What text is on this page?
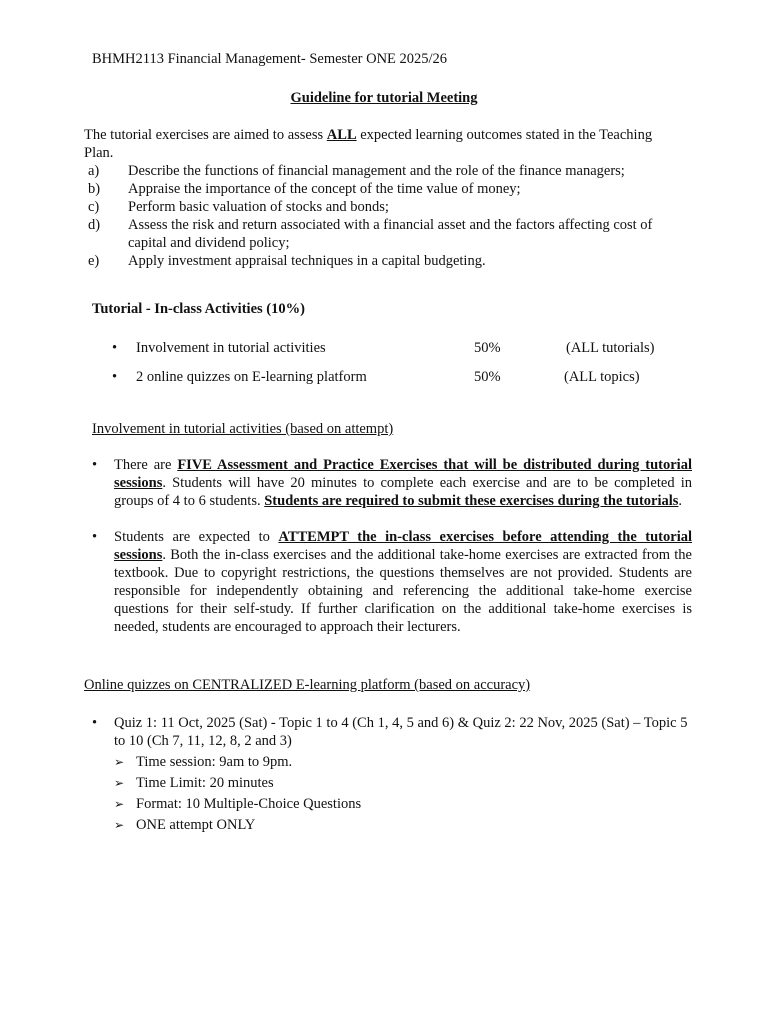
BHMH2113 Financial Management- Semester ONE 2025/26
Guideline for tutorial Meeting
The tutorial exercises are aimed to assess ALL expected learning outcomes stated in the Teaching Plan.
a) Describe the functions of financial management and the role of the finance managers;
b) Appraise the importance of the concept of the time value of money;
c) Perform basic valuation of stocks and bonds;
d) Assess the risk and return associated with a financial asset and the factors affecting cost of capital and dividend policy;
e) Apply investment appraisal techniques in a capital budgeting.
Tutorial - In-class Activities (10%)
• Involvement in tutorial activities	50%	(ALL tutorials)
• 2 online quizzes on E-learning platform	50%	(ALL topics)
Involvement in tutorial activities (based on attempt)
• There are FIVE Assessment and Practice Exercises that will be distributed during tutorial sessions. Students will have 20 minutes to complete each exercise and are to be completed in groups of 4 to 6 students. Students are required to submit these exercises during the tutorials.
• Students are expected to ATTEMPT the in-class exercises before attending the tutorial sessions. Both the in-class exercises and the additional take-home exercises are extracted from the textbook. Due to copyright restrictions, the questions themselves are not provided. Students are responsible for independently obtaining and referencing the additional take-home exercise questions for their self-study. If further clarification on the additional take-home exercises is needed, students are encouraged to approach their lecturers.
Online quizzes on CENTRALIZED E-learning platform (based on accuracy)
• Quiz 1: 11 Oct, 2025 (Sat) - Topic 1 to 4 (Ch 1, 4, 5 and 6) & Quiz 2: 22 Nov, 2025 (Sat) – Topic 5 to 10 (Ch 7, 11, 12, 8, 2 and 3)
➢ Time session: 9am to 9pm.
➢ Time Limit: 20 minutes
➢ Format: 10 Multiple-Choice Questions
➢ ONE attempt ONLY
